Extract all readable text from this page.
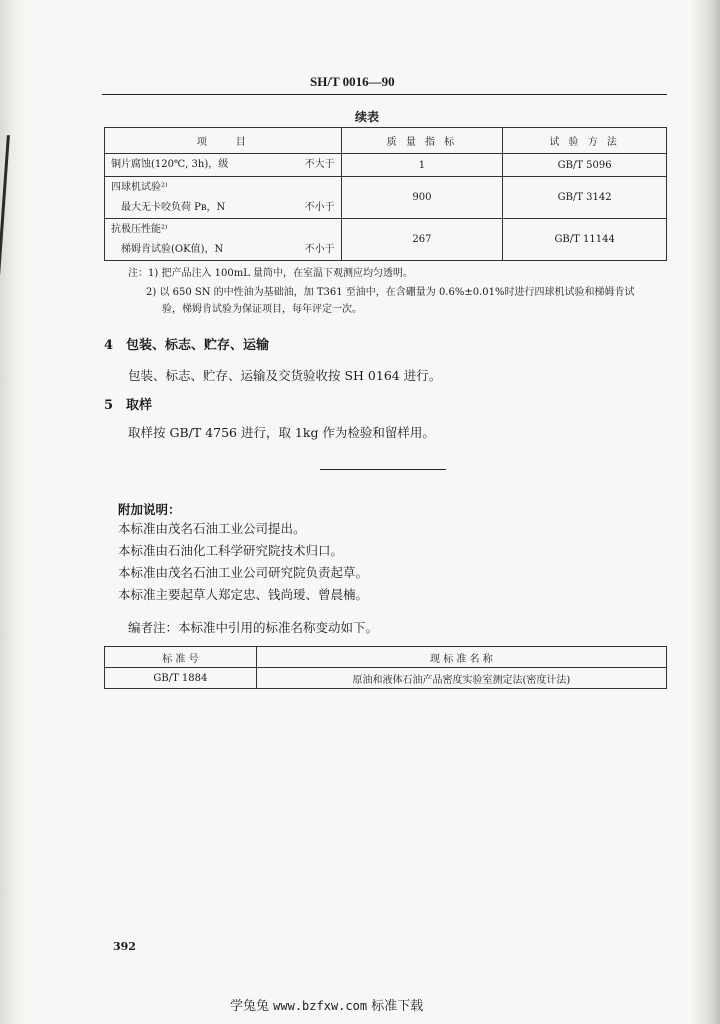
SH/T 0016—90
续表
项　　目	质 量 指 标	试 验 方 法

铜片腐蚀(120℃, 3h)，级 不大于	1	GB/T 5096

四球机试验²⁾
最大无卡咬负荷 Pʙ，N 不小于	900	GB/T 3142

抗极压性能²⁾
梯姆肯试验(OK值)，N 不小于	267	GB/T 11144
注：1) 把产品注入 100mL 量筒中，在室温下观测应均匀透明。
2) 以 650 SN 的中性油为基础油，加 T361 至油中，在含硼量为 0.6%±0.01%时进行四球机试验和梯姆肯试
验，梯姆肯试验为保证项目，每年评定一次。
4　包装、标志、贮存、运输
包装、标志、贮存、运输及交货验收按 SH 0164 进行。
5　取样
取样按 GB/T 4756 进行，取 1kg 作为检验和留样用。
附加说明：
本标准由茂名石油工业公司提出。
本标准由石油化工科学研究院技术归口。
本标准由茂名石油工业公司研究院负责起草。
本标准主要起草人郑定忠、钱尚瑷、曾晨楠。
编者注：本标准中引用的标准名称变动如下。
标 准 号	现 标 准 名 称
GB/T 1884	原油和液体石油产品密度实验室测定法(密度计法)
392
学兔兔 www.bzfxw.com 标准下载
